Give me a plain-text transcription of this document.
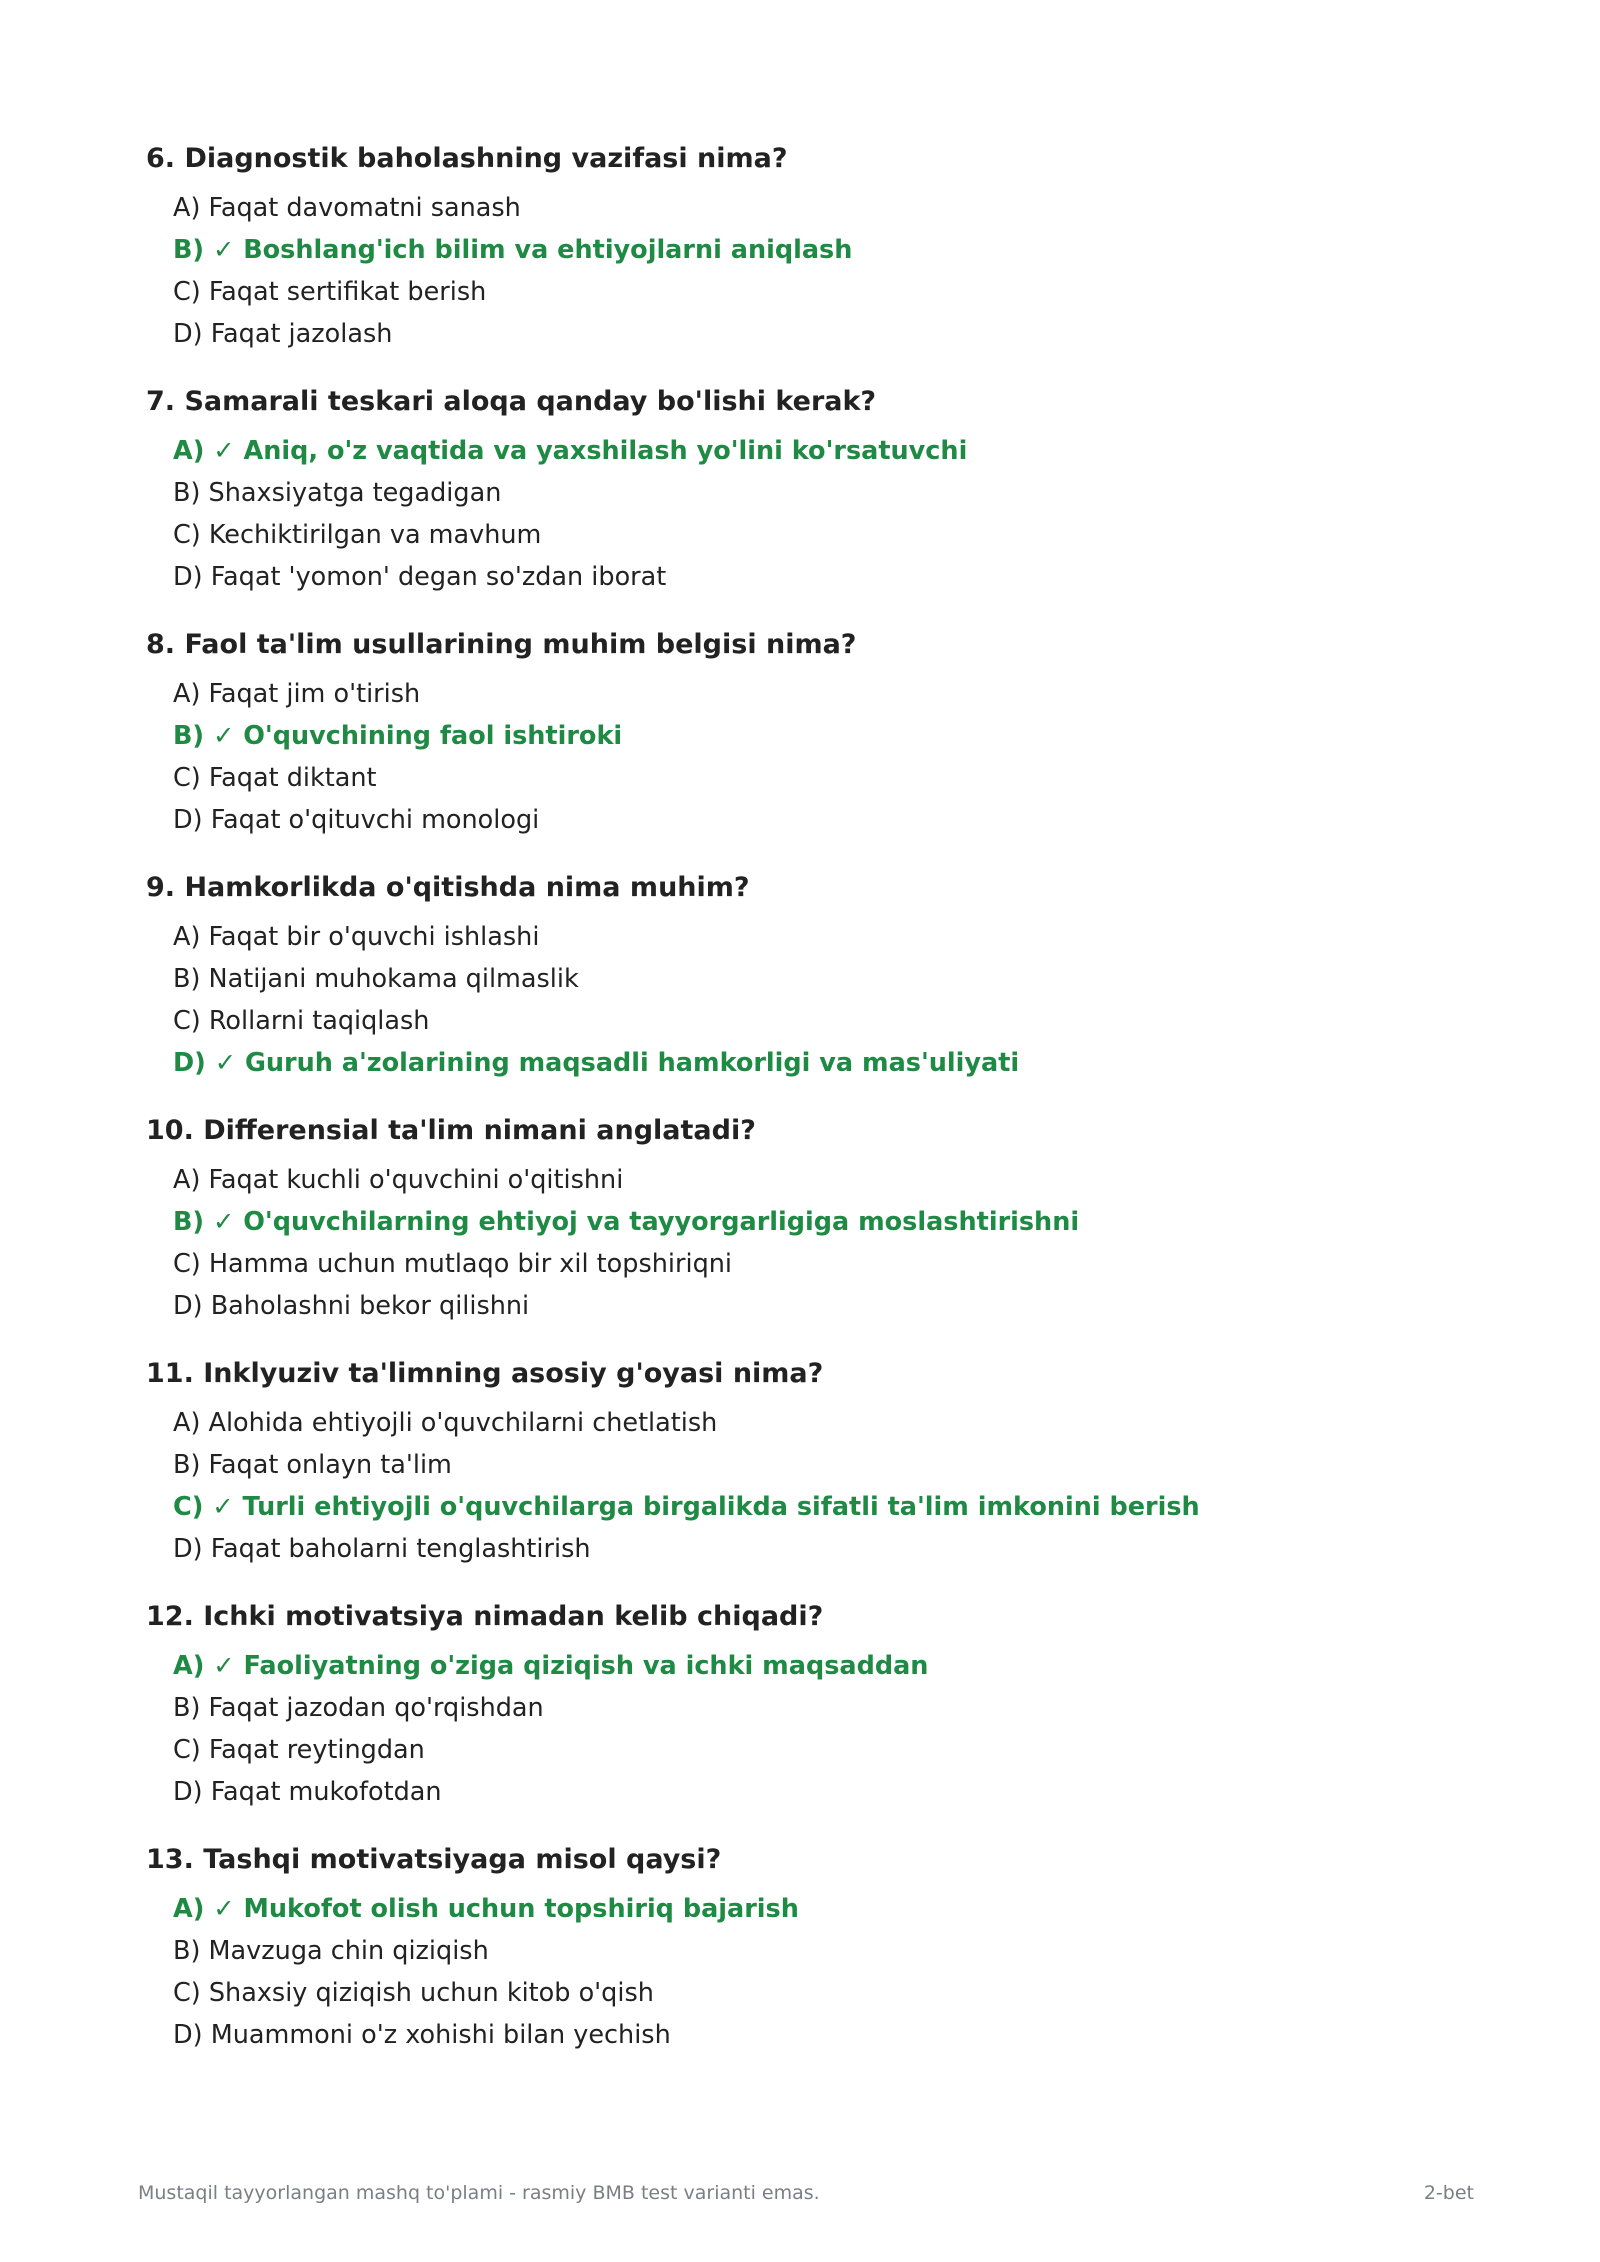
6. Diagnostik baholashning vazifasi nima?
A) Faqat davomatni sanash
B) ✓ Boshlang'ich bilim va ehtiyojlarni aniqlash
C) Faqat sertifikat berish
D) Faqat jazolash
7. Samarali teskari aloqa qanday bo'lishi kerak?
A) ✓ Aniq, o'z vaqtida va yaxshilash yo'lini ko'rsatuvchi
B) Shaxsiyatga tegadigan
C) Kechiktirilgan va mavhum
D) Faqat 'yomon' degan so'zdan iborat
8. Faol ta'lim usullarining muhim belgisi nima?
A) Faqat jim o'tirish
B) ✓ O'quvchining faol ishtiroki
C) Faqat diktant
D) Faqat o'qituvchi monologi
9. Hamkorlikda o'qitishda nima muhim?
A) Faqat bir o'quvchi ishlashi
B) Natijani muhokama qilmaslik
C) Rollarni taqiqlash
D) ✓ Guruh a'zolarining maqsadli hamkorligi va mas'uliyati
10. Differensial ta'lim nimani anglatadi?
A) Faqat kuchli o'quvchini o'qitishni
B) ✓ O'quvchilarning ehtiyoj va tayyorgarligiga moslashtirishni
C) Hamma uchun mutlaqo bir xil topshiriqni
D) Baholashni bekor qilishni
11. Inklyuziv ta'limning asosiy g'oyasi nima?
A) Alohida ehtiyojli o'quvchilarni chetlatish
B) Faqat onlayn ta'lim
C) ✓ Turli ehtiyojli o'quvchilarga birgalikda sifatli ta'lim imkonini berish
D) Faqat baholarni tenglashtirish
12. Ichki motivatsiya nimadan kelib chiqadi?
A) ✓ Faoliyatning o'ziga qiziqish va ichki maqsaddan
B) Faqat jazodan qo'rqishdan
C) Faqat reytingdan
D) Faqat mukofotdan
13. Tashqi motivatsiyaga misol qaysi?
A) ✓ Mukofot olish uchun topshiriq bajarish
B) Mavzuga chin qiziqish
C) Shaxsiy qiziqish uchun kitob o'qish
D) Muammoni o'z xohishi bilan yechish
Mustaqil tayyorlangan mashq to'plami - rasmiy BMB test varianti emas.	2-bet
